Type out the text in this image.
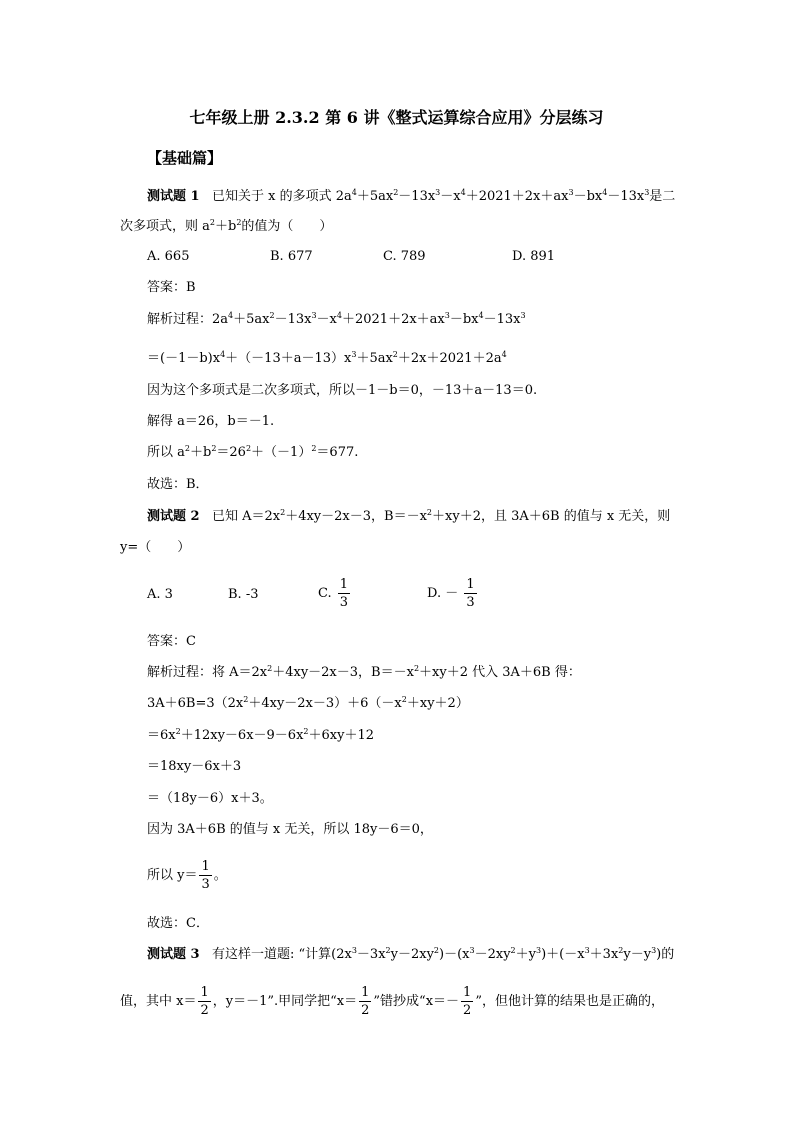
七年级上册 2.3.2 第 6 讲《整式运算综合应用》分层练习
【基础篇】
测试题 1 已知关于 x 的多项式 $2a^4+5ax^2-13x^3-x^4+2021+2x+ax^3-bx^4-13x^3$是二
次多项式，则 $a^2+b^2$的值为（　　）
A. 665	B. 677	C. 789	D. 891
答案：B
解析过程：$2a^4+5ax^2-13x^3-x^4+2021+2x+ax^3-bx^4-13x^3$
$=(-1-b)x^4+(-13+a-13)x^3+5ax^2+2x+2021+2a^4$
因为这个多项式是二次多项式，所以－1－b＝0，－13＋a－13＝0.
解得 a＝26，b＝－1.
所以 $a^2+b^2=26^2+(-1)^2=677$.
故选：B．
测试题 2 已知 $A=2x^2+4xy-2x-3$，$B=-x^2+xy+2$，且 3A＋6B 的值与 x 无关，则
y=（　　）
A. 3	B. -3	C. $\frac{1}{3}$	D. － $\frac{1}{3}$
答案：C
解析过程：将 $A=2x^2+4xy-2x-3$，$B=-x^2+xy+2$ 代入 3A＋6B 得：
$3A+6B=3(2x^2+4xy-2x-3)+6(-x^2+xy+2)$
$=6x^2+12xy-6x-9-6x^2+6xy+12$
＝18xy－6x＋3
＝（18y－6）x＋3。
因为 3A＋6B 的值与 x 无关，所以 18y－6＝0，
所以 $y= \frac{1}{3}$ 。
故选：C．
测试题 3 有这样一道题: “计算$(2x^3-3x^2y-2xy^2)-(x^3-2xy^2+y^3)+(-x^3+3x^2y-y^3)$的
值，其中 $x= \frac{1}{2}$ ，y＝－1”.甲同学把“$x= \frac{1}{2}$ ”错抄成“$x=- \frac{1}{2}$ ”，但他计算的结果也是正确的，
